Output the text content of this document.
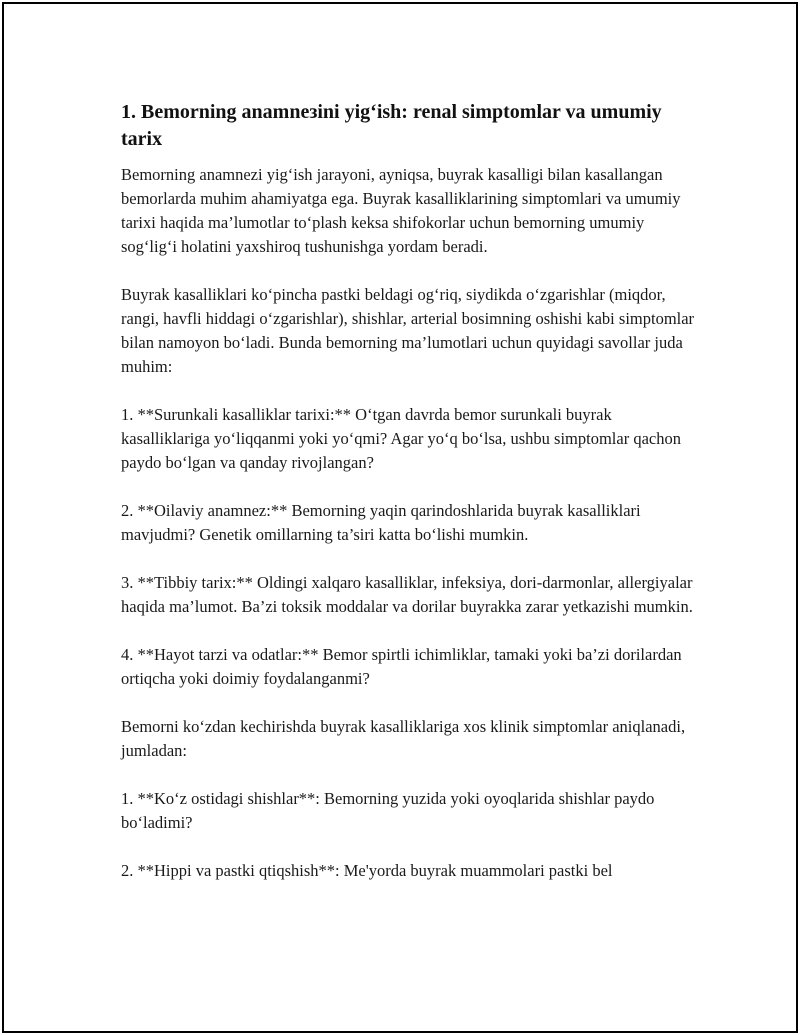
1. Bemorning anamneзini yig‘ish: renal simptomlar va umumiy tarix

Bemorning anamnezi yig‘ish jarayoni, ayniqsa, buyrak kasalligi bilan kasallangan bemorlarda muhim ahamiyatga ega. Buyrak kasalliklarining simptomlari va umumiy tarixi haqida ma’lumotlar to‘plash keksa shifokorlar uchun bemorning umumiy sog‘lig‘i holatini yaxshiroq tushunishga yordam beradi.

Buyrak kasalliklari ko‘pincha pastki beldagi og‘riq, siydikda o‘zgarishlar (miqdor, rangi, havfli hiddagi o‘zgarishlar), shishlar, arterial bosimning oshishi kabi simptomlar bilan namoyon bo‘ladi. Bunda bemorning ma’lumotlari uchun quyidagi savollar juda muhim:

1. **Surunkali kasalliklar tarixi:** O‘tgan davrda bemor surunkali buyrak kasalliklariga yo‘liqqanmi yoki yo‘qmi? Agar yo‘q bo‘lsa, ushbu simptomlar qachon paydo bo‘lgan va qanday rivojlangan?

2. **Oilaviy anamnez:** Bemorning yaqin qarindoshlarida buyrak kasalliklari mavjudmi? Genetik omillarning ta’siri katta bo‘lishi mumkin.

3. **Tibbiy tarix:** Oldingi xalqaro kasalliklar, infeksiya, dori-darmonlar, allergiyalar haqida ma’lumot. Ba’zi toksik moddalar va dorilar buyrakka zarar yetkazishi mumkin.

4. **Hayot tarzi va odatlar:** Bemor spirtli ichimliklar, tamaki yoki ba’zi dorilardan ortiqcha yoki doimiy foydalanganmi?

Bemorni ko‘zdan kechirishda buyrak kasalliklariga xos klinik simptomlar aniqlanadi, jumladan:

1. **Ko‘z ostidagi shishlar**: Bemorning yuzida yoki oyoqlarida shishlar paydo bo‘ladimi?

2. **Hippi va pastki qtiqshish**: Me'yorda buyrak muammolari pastki bel
